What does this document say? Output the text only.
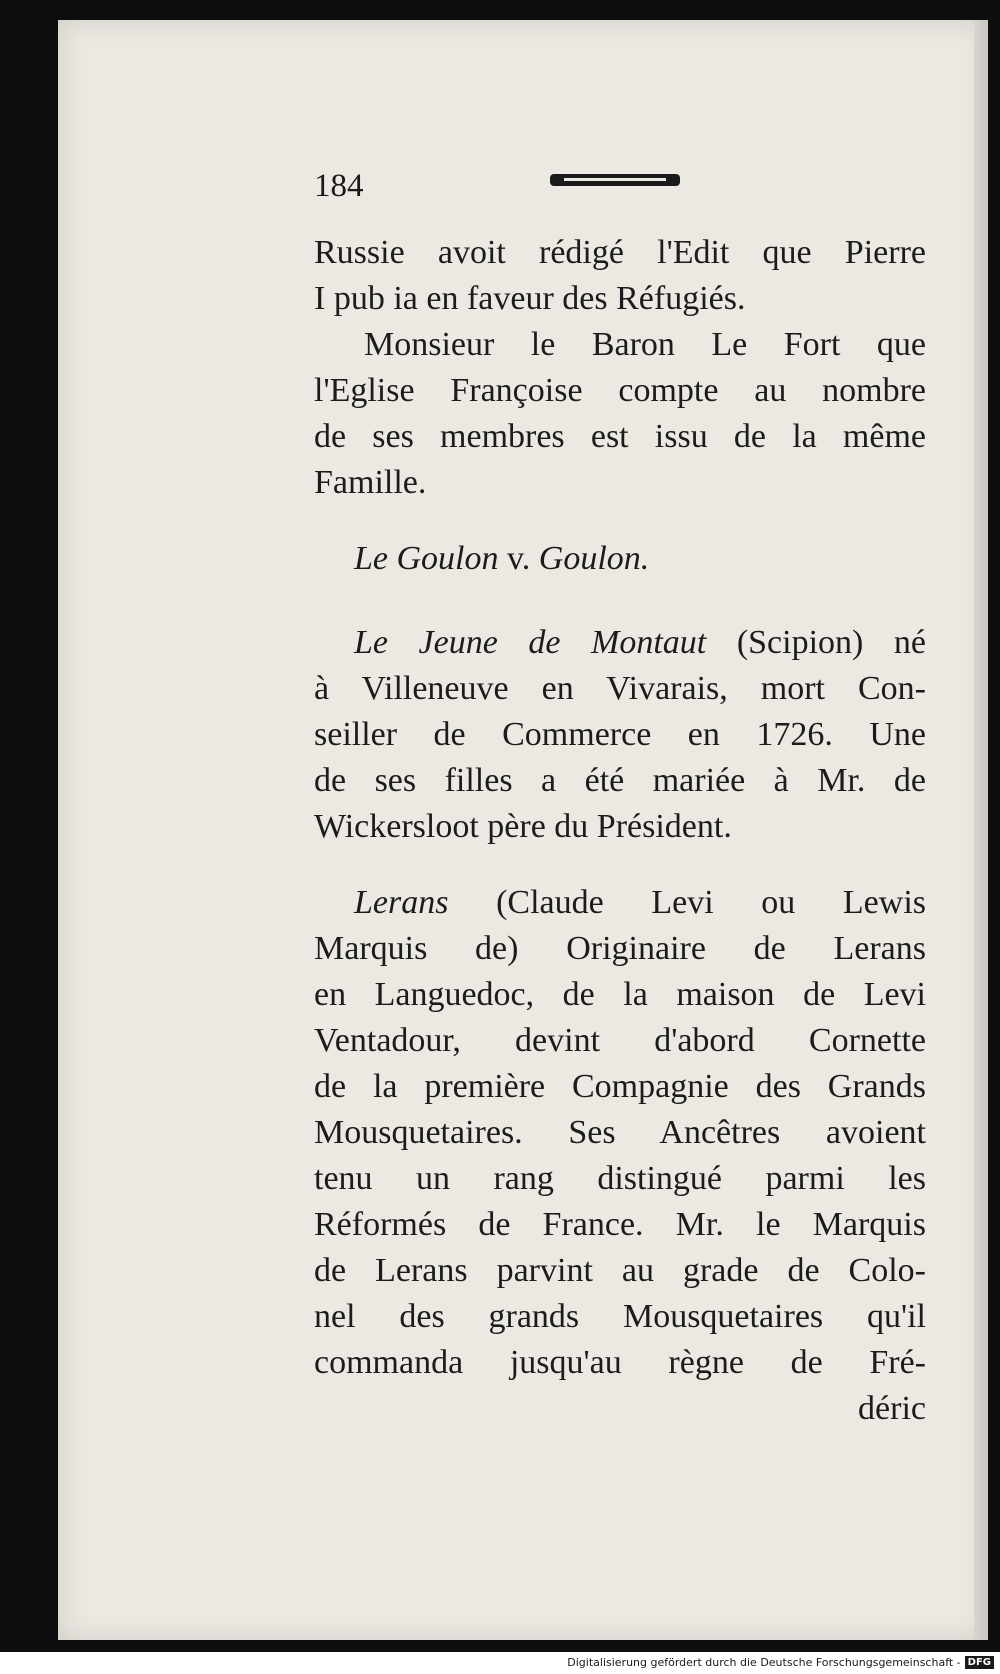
184
Russie avoit rédigé l'Edit que Pierre
I pub ia en faveur des Réfugiés.
Monsieur le Baron Le Fort que
l'Eglise Françoise compte au nombre
de ses membres est issu de la même
Famille.
Le Goulon v. Goulon.
Le Jeune de Montaut (Scipion) né
à Villeneuve en Vivarais, mort Con-
seiller de Commerce en 1726. Une
de ses filles a été mariée à Mr. de
Wickersloot père du Président.
Lerans (Claude Levi ou Lewis
Marquis de) Originaire de Lerans
en Languedoc, de la maison de Levi
Ventadour, devint d'abord Cornette
de la première Compagnie des Grands
Mousquetaires. Ses Ancêtres avoient
tenu un rang distingué parmi les
Réformés de France. Mr. le Marquis
de Lerans parvint au grade de Colo-
nel des grands Mousquetaires qu'il
commanda jusqu'au règne de Fré-
déric
Digitalisierung gefördert durch die Deutsche Forschungsgemeinschaft - DFG
